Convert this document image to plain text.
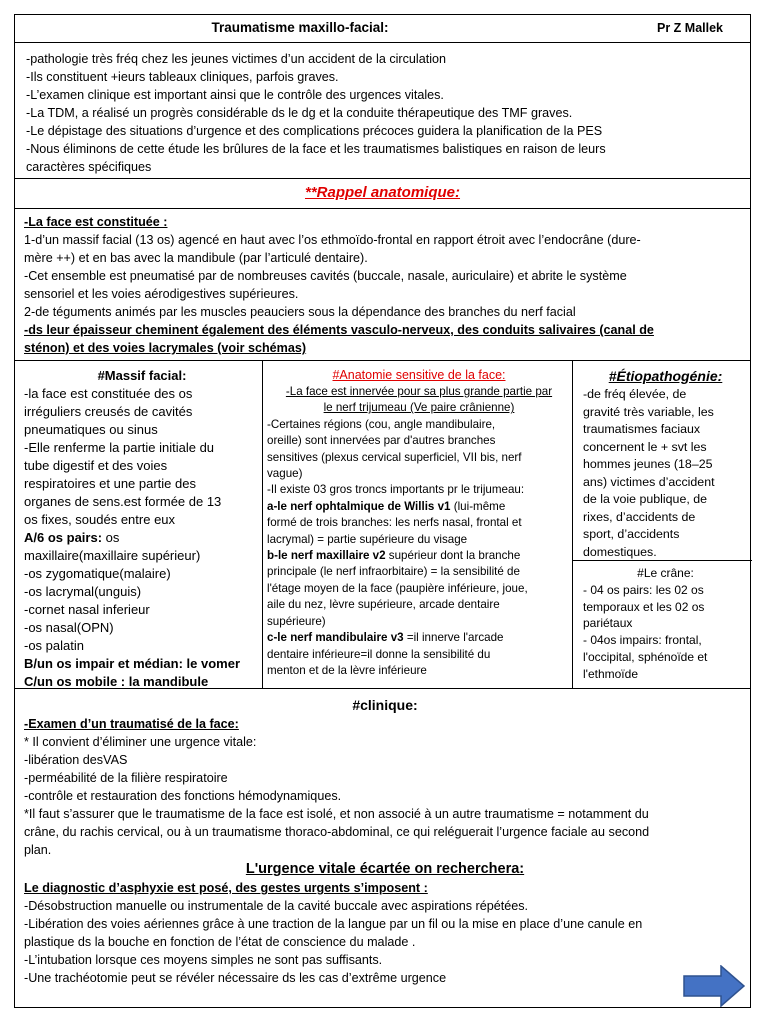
Traumatisme maxillo-facial:	Pr Z Mallek
-pathologie très fréq chez les jeunes victimes d’un accident de la circulation
-Ils constituent +ieurs tableaux cliniques, parfois graves.
-L’examen clinique est important ainsi que le contrôle des urgences vitales.
-La TDM, a réalisé un progrès considérable ds le dg et la conduite thérapeutique des TMF graves.
-Le dépistage des situations d’urgence et des complications précoces guidera la planification de la PES
-Nous éliminons de cette étude les brûlures de la face et les traumatismes balistiques en raison de leurs
caractères spécifiques
**Rappel anatomique:
-La face est constituée :
1-d’un massif facial (13 os) agencé en haut avec l’os ethmoïdo-frontal en rapport étroit avec l’endocrâne (dure-
mère ++) et en bas avec la mandibule (par l’articulé dentaire).
-Cet ensemble est pneumatisé par de nombreuses cavités (buccale, nasale, auriculaire) et abrite le système
sensoriel et les voies aérodigestives supérieures.
2-de téguments animés par les muscles peauciers sous la dépendance des branches du nerf facial
-ds leur épaisseur cheminent également des éléments vasculo-nerveux, des conduits salivaires (canal de
sténon) et des voies lacrymales (voir schémas)
#Massif facial:
-la face est constituée des os
irréguliers creusés de cavités
pneumatiques ou sinus
-Elle renferme la partie initiale du
tube digestif et des voies
respiratoires et une partie des
organes de sens.est formée de 13
os fixes, soudés entre eux
A/6 os pairs: os
maxillaire(maxillaire supérieur)
-os zygomatique(malaire)
-os lacrymal(unguis)
-cornet nasal inferieur
-os nasal(OPN)
-os palatin
B/un os impair et médian: le vomer
C/un os mobile : la mandibule
#Anatomie sensitive de la face:
-La face est innervée pour sa plus grande partie par
le nerf trijumeau (Ve paire crânienne)
-Certaines régions (cou, angle mandibulaire,
oreille) sont innervées par d'autres branches
sensitives (plexus cervical superficiel, VII bis, nerf
vague)
-Il existe 03 gros troncs importants pr le trijumeau:
a-le nerf ophtalmique de Willis v1 (lui-même
formé de trois branches: les nerfs nasal, frontal et
lacrymal) = partie supérieure du visage
b-le nerf maxillaire v2 supérieur dont la branche
principale (le nerf infraorbitaire) = la sensibilité de
l'étage moyen de la face (paupière inférieure, joue,
aile du nez, lèvre supérieure, arcade dentaire
supérieure)
c-le nerf mandibulaire v3 =il innerve l'arcade
dentaire inférieure=il donne la sensibilité du
menton et de la lèvre inférieure
#Étiopathogénie:
-de fréq élevée, de
gravité très variable, les
traumatismes faciaux
concernent le + svt les
hommes jeunes (18–25
ans) victimes d’accident
de la voie publique, de
rixes, d’accidents de
sport, d’accidents
domestiques.
#Le crâne:
- 04 os pairs: les 02 os
temporaux et les 02 os
pariétaux
- 04os impairs: frontal,
l'occipital, sphénoïde et
l'ethmoïde
#clinique:
-Examen d’un traumatisé de la face:
* Il convient d’éliminer une urgence vitale:
-libération desVAS
-perméabilité de la filière respiratoire
-contrôle et restauration des fonctions hémodynamiques.
*Il faut s’assurer que le traumatisme de la face est isolé, et non associé à un autre traumatisme = notamment du
crâne, du rachis cervical, ou à un traumatisme thoraco-abdominal, ce qui reléguerait l’urgence faciale au second
plan.
L'urgence vitale écartée on recherchera:
Le diagnostic d’asphyxie est posé, des gestes urgents s’imposent :
-Désobstruction manuelle ou instrumentale de la cavité buccale avec aspirations répétées.
-Libération des voies aériennes grâce à une traction de la langue par un fil ou la mise en place d’une canule en
plastique ds la bouche en fonction de l’état de conscience du malade .
-L’intubation lorsque ces moyens simples ne sont pas suffisants.
-Une trachéotomie peut se révéler nécessaire ds les cas d’extrême urgence
